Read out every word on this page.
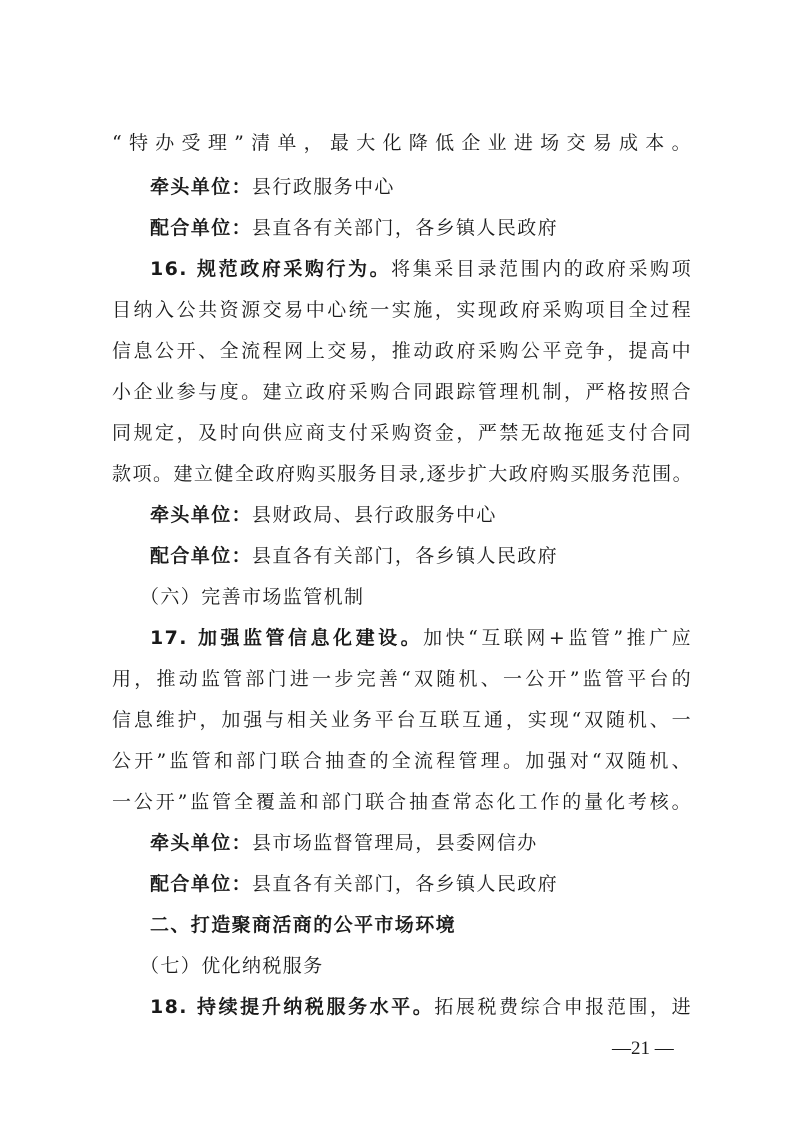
“特办受理”清单，最大化降低企业进场交易成本。
牵头单位：县行政服务中心
配合单位：县直各有关部门，各乡镇人民政府
16. 规范政府采购行为。将集采目录范围内的政府采购项
目纳入公共资源交易中心统一实施，实现政府采购项目全过程
信息公开、全流程网上交易，推动政府采购公平竞争，提高中
小企业参与度。建立政府采购合同跟踪管理机制，严格按照合
同规定，及时向供应商支付采购资金，严禁无故拖延支付合同
款项。建立健全政府购买服务目录,逐步扩大政府购买服务范围。
牵头单位：县财政局、县行政服务中心
配合单位：县直各有关部门，各乡镇人民政府
（六）完善市场监管机制
17. 加强监管信息化建设。加快“互联网+监管”推广应
用，推动监管部门进一步完善“双随机、一公开”监管平台的
信息维护，加强与相关业务平台互联互通，实现“双随机、一
公开”监管和部门联合抽查的全流程管理。加强对“双随机、
一公开”监管全覆盖和部门联合抽查常态化工作的量化考核。
牵头单位：县市场监督管理局，县委网信办
配合单位：县直各有关部门，各乡镇人民政府
二、打造聚商活商的公平市场环境
（七）优化纳税服务
18. 持续提升纳税服务水平。拓展税费综合申报范围，进
—21 —
